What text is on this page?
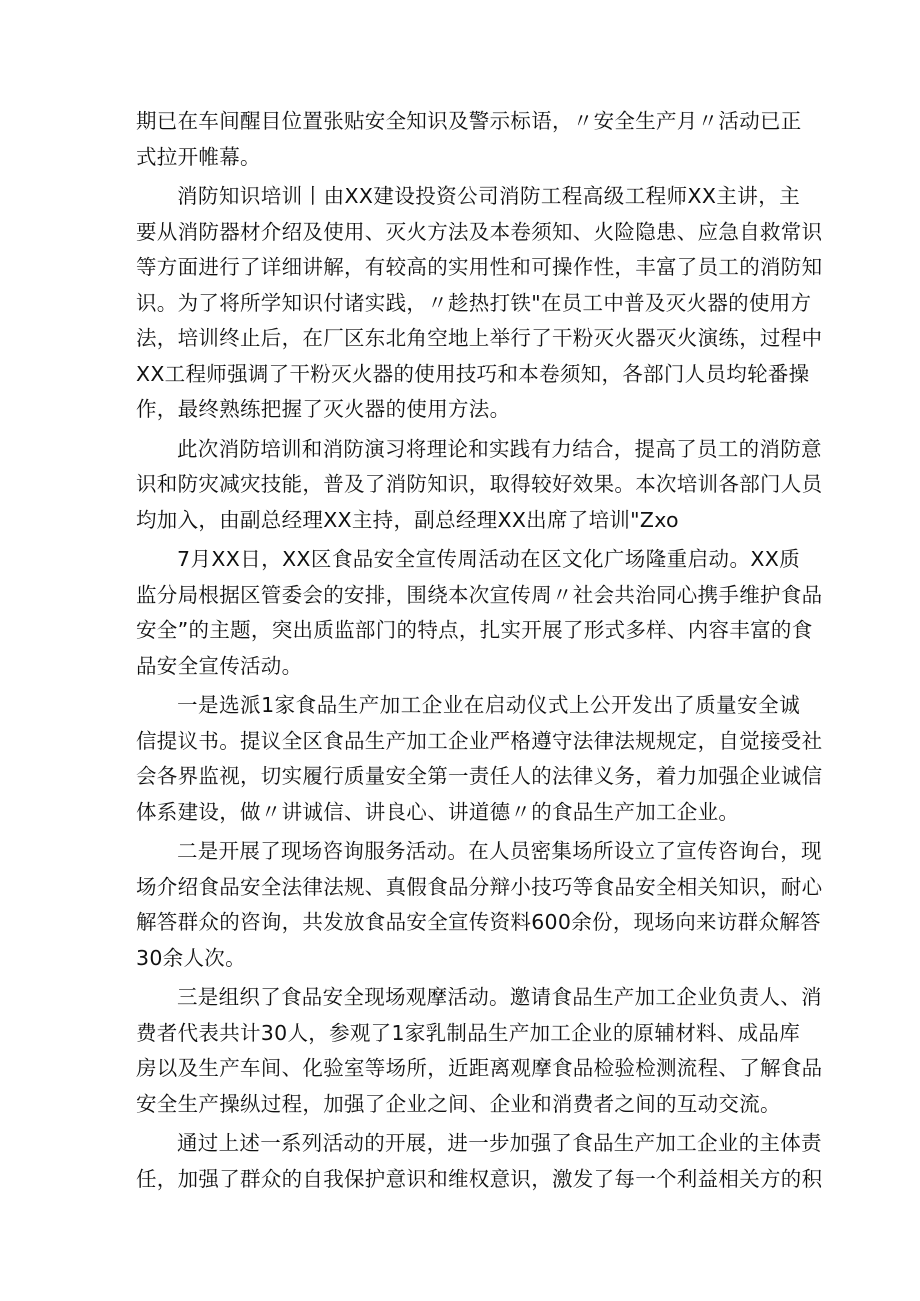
期已在车间醒目位置张贴安全知识及警示标语，〃安全生产月〃活动已正
式拉开帷幕。
消防知识培训丨由XX建设投资公司消防工程高级工程师XX主讲，主
要从消防器材介绍及使用、灭火方法及本卷须知、火险隐患、应急自救常识
等方面进行了详细讲解，有较高的实用性和可操作性，丰富了员工的消防知
识。为了将所学知识付诸实践，〃趁热打铁"在员工中普及灭火器的使用方
法，培训终止后，在厂区东北角空地上举行了干粉灭火器灭火演练，过程中
XX工程师强调了干粉灭火器的使用技巧和本卷须知，各部门人员均轮番操
作，最终熟练把握了灭火器的使用方法。
此次消防培训和消防演习将理论和实践有力结合，提高了员工的消防意
识和防灾减灾技能，普及了消防知识，取得较好效果。本次培训各部门人员
均加入，由副总经理XX主持，副总经理XX出席了培训"Zxo
7月XX日，XX区食品安全宣传周活动在区文化广场隆重启动。XX质
监分局根据区管委会的安排，围绕本次宣传周〃社会共治同心携手维护食品
安全”的主题，突出质监部门的特点，扎实开展了形式多样、内容丰富的食
品安全宣传活动。
一是选派1家食品生产加工企业在启动仪式上公开发出了质量安全诚
信提议书。提议全区食品生产加工企业严格遵守法律法规规定，自觉接受社
会各界监视，切实履行质量安全第一责任人的法律义务，着力加强企业诚信
体系建设，做〃讲诚信、讲良心、讲道德〃的食品生产加工企业。
二是开展了现场咨询服务活动。在人员密集场所设立了宣传咨询台，现
场介绍食品安全法律法规、真假食品分辩小技巧等食品安全相关知识，耐心
解答群众的咨询，共发放食品安全宣传资料600余份，现场向来访群众解答
30余人次。
三是组织了食品安全现场观摩活动。邀请食品生产加工企业负责人、消
费者代表共计30人，参观了1家乳制品生产加工企业的原辅材料、成品库
房以及生产车间、化验室等场所，近距离观摩食品检验检测流程、了解食品
安全生产操纵过程，加强了企业之间、企业和消费者之间的互动交流。
通过上述一系列活动的开展，进一步加强了食品生产加工企业的主体责
任，加强了群众的自我保护意识和维权意识，激发了每一个利益相关方的积
